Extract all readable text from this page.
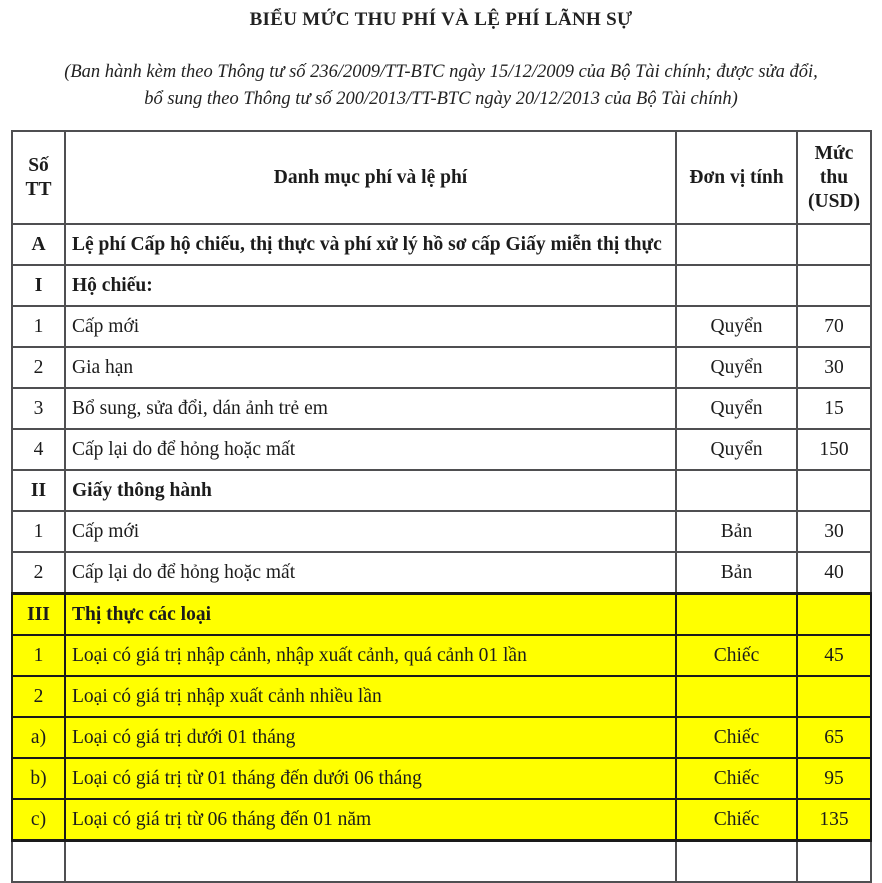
BIỂU MỨC THU PHÍ VÀ LỆ PHÍ LÃNH SỰ
(Ban hành kèm theo Thông tư số 236/2009/TT-BTC ngày 15/12/2009 của Bộ Tài chính; được sửa đổi,
bổ sung theo Thông tư số 200/2013/TT-BTC ngày 20/12/2013 của Bộ Tài chính)
Số TT	Danh mục phí và lệ phí	Đơn vị tính	Mức thu (USD)
A	Lệ phí Cấp hộ chiếu, thị thực và phí xử lý hồ sơ cấp Giấy miễn thị thực		
I	Hộ chiếu:		
1	Cấp mới	Quyển	70
2	Gia hạn	Quyển	30
3	Bổ sung, sửa đổi, dán ảnh trẻ em	Quyển	15
4	Cấp lại do để hỏng hoặc mất	Quyển	150
II	Giấy thông hành		
1	Cấp mới	Bản	30
2	Cấp lại do để hỏng hoặc mất	Bản	40
III	Thị thực các loại		
1	Loại có giá trị nhập cảnh, nhập xuất cảnh, quá cảnh 01 lần	Chiếc	45
2	Loại có giá trị nhập xuất cảnh nhiều lần		
a)	Loại có giá trị dưới 01 tháng	Chiếc	65
b)	Loại có giá trị từ 01 tháng đến dưới 06 tháng	Chiếc	95
c)	Loại có giá trị từ 06 tháng đến 01 năm	Chiếc	135
